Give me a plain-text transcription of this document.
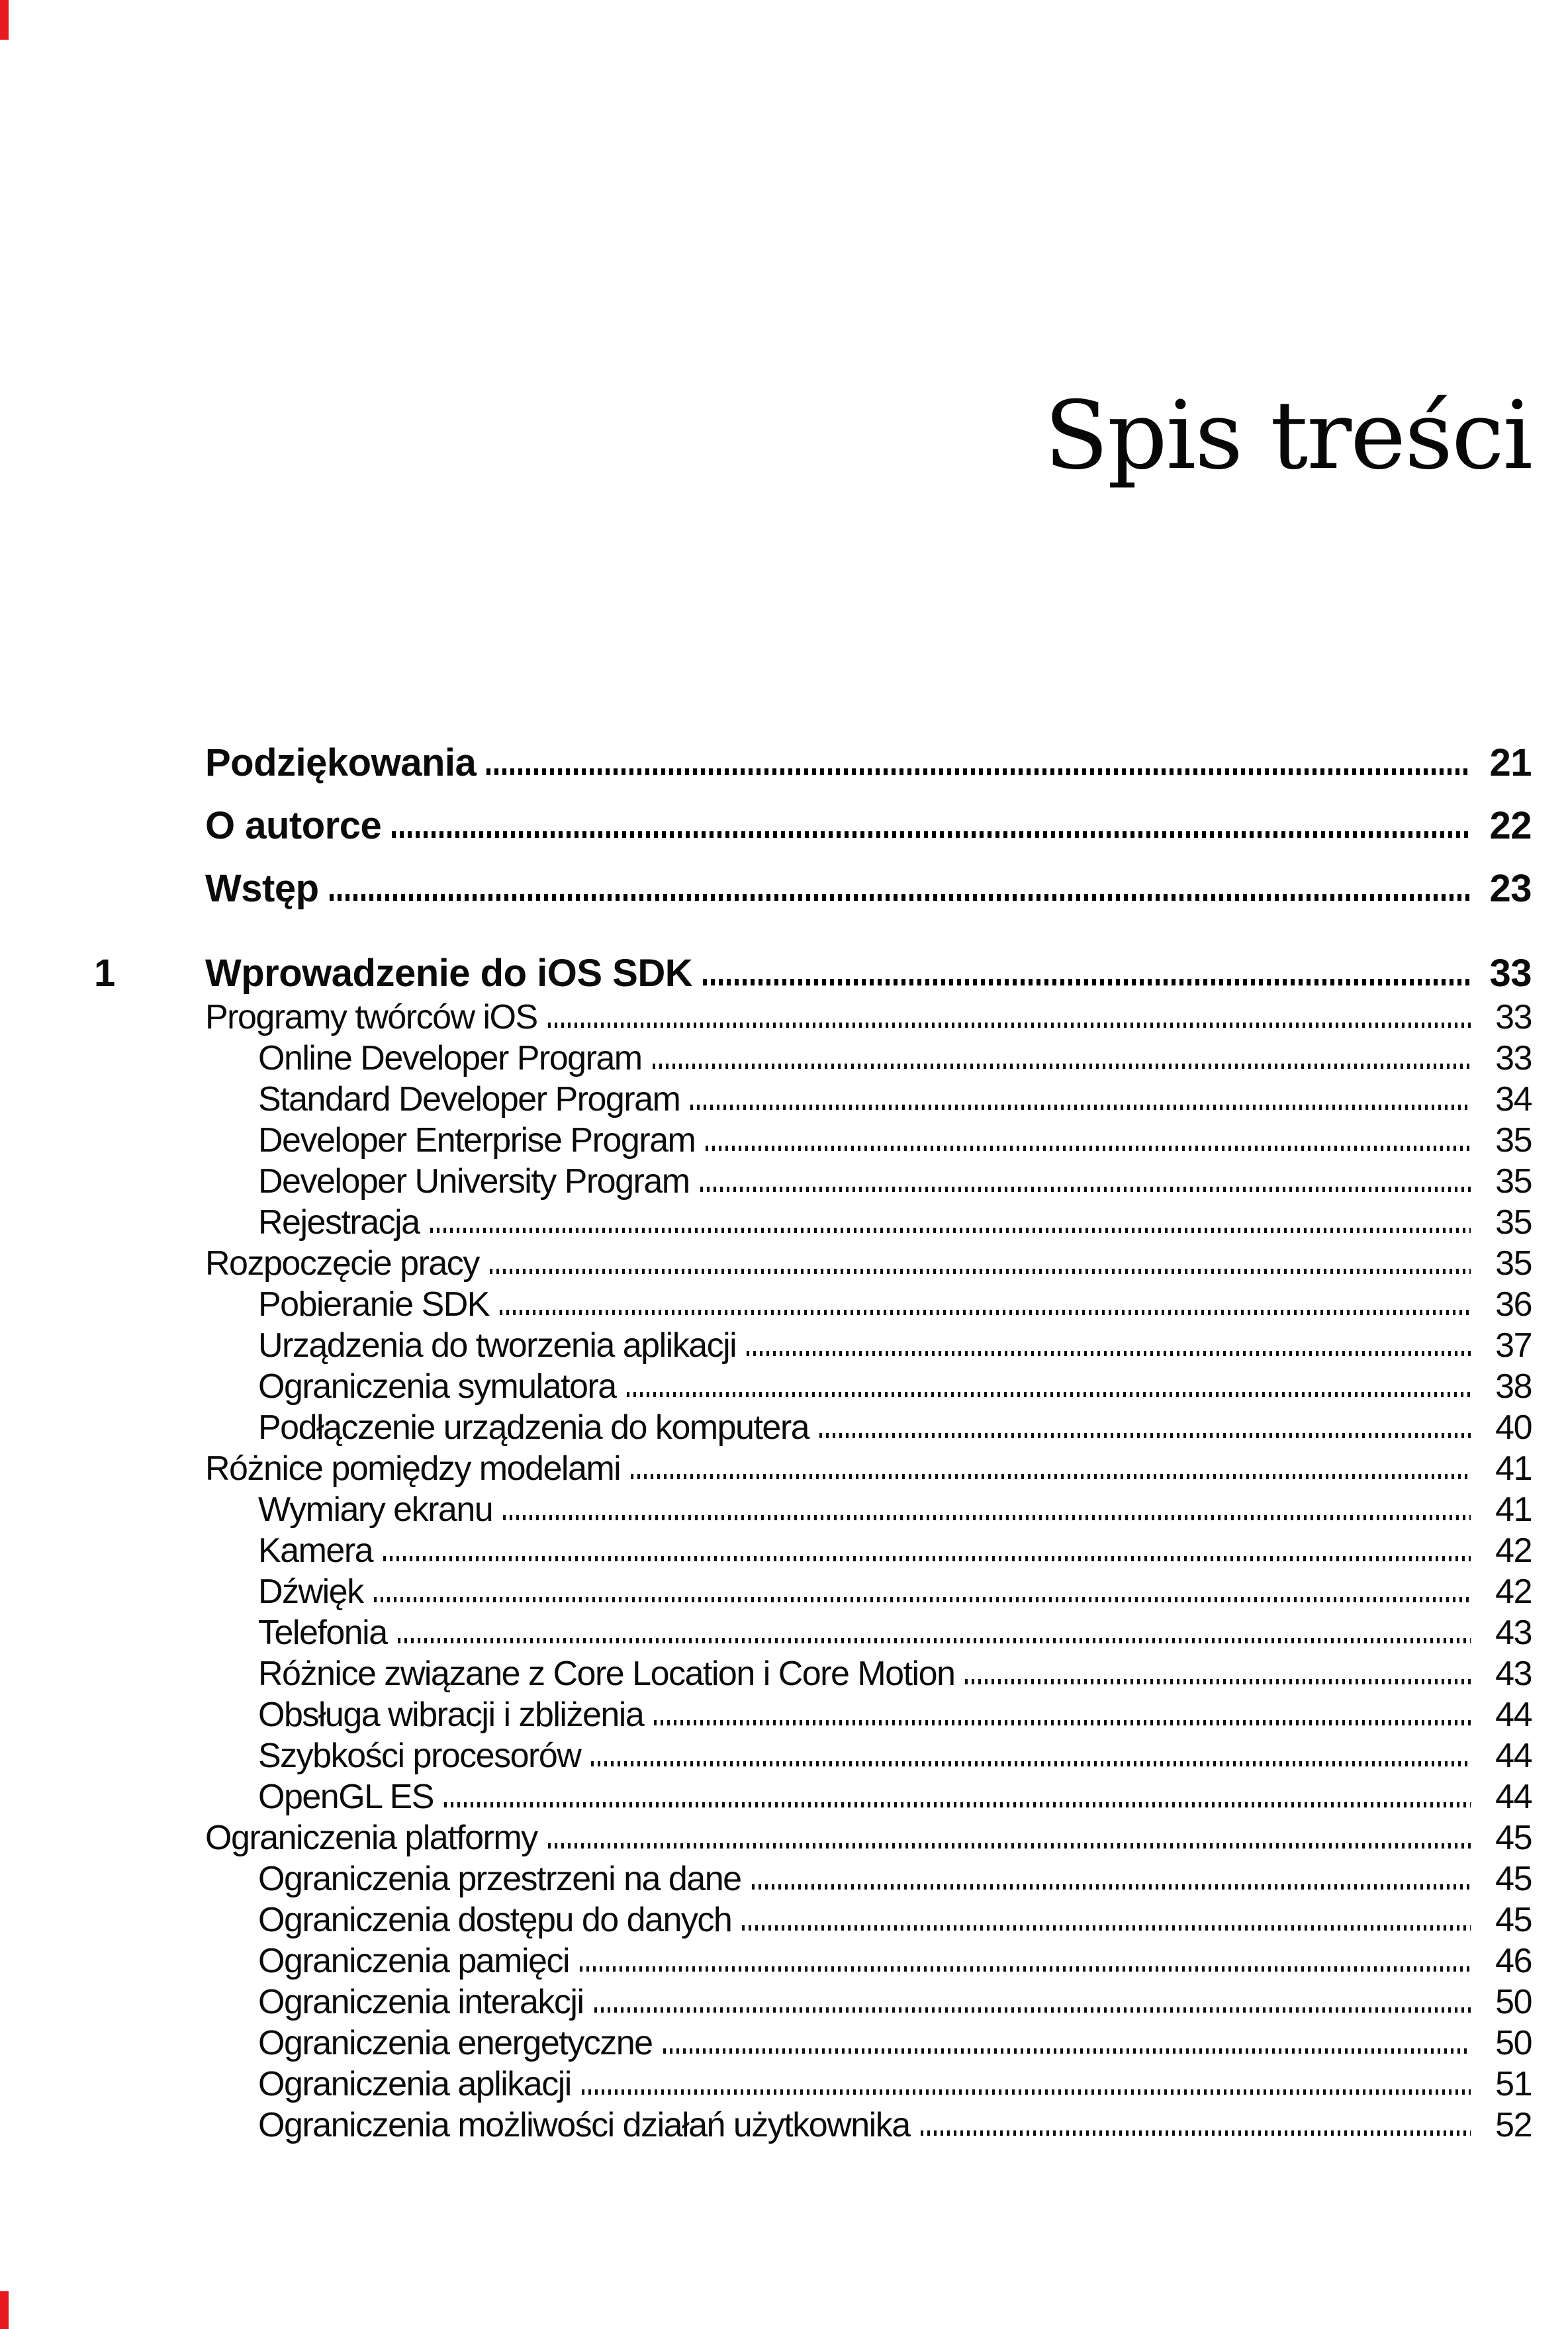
Spis treści
Podziękowania	21
O autorce	22
Wstęp	23
1	Wprowadzenie do iOS SDK	33
Programy twórców iOS	33
Online Developer Program	33
Standard Developer Program	34
Developer Enterprise Program	35
Developer University Program	35
Rejestracja	35
Rozpoczęcie pracy	35
Pobieranie SDK	36
Urządzenia do tworzenia aplikacji	37
Ograniczenia symulatora	38
Podłączenie urządzenia do komputera	40
Różnice pomiędzy modelami	41
Wymiary ekranu	41
Kamera	42
Dźwięk	42
Telefonia	43
Różnice związane z Core Location i Core Motion	43
Obsługa wibracji i zbliżenia	44
Szybkości procesorów	44
OpenGL ES	44
Ograniczenia platformy	45
Ograniczenia przestrzeni na dane	45
Ograniczenia dostępu do danych	45
Ograniczenia pamięci	46
Ograniczenia interakcji	50
Ograniczenia energetyczne	50
Ograniczenia aplikacji	51
Ograniczenia możliwości działań użytkownika	52
